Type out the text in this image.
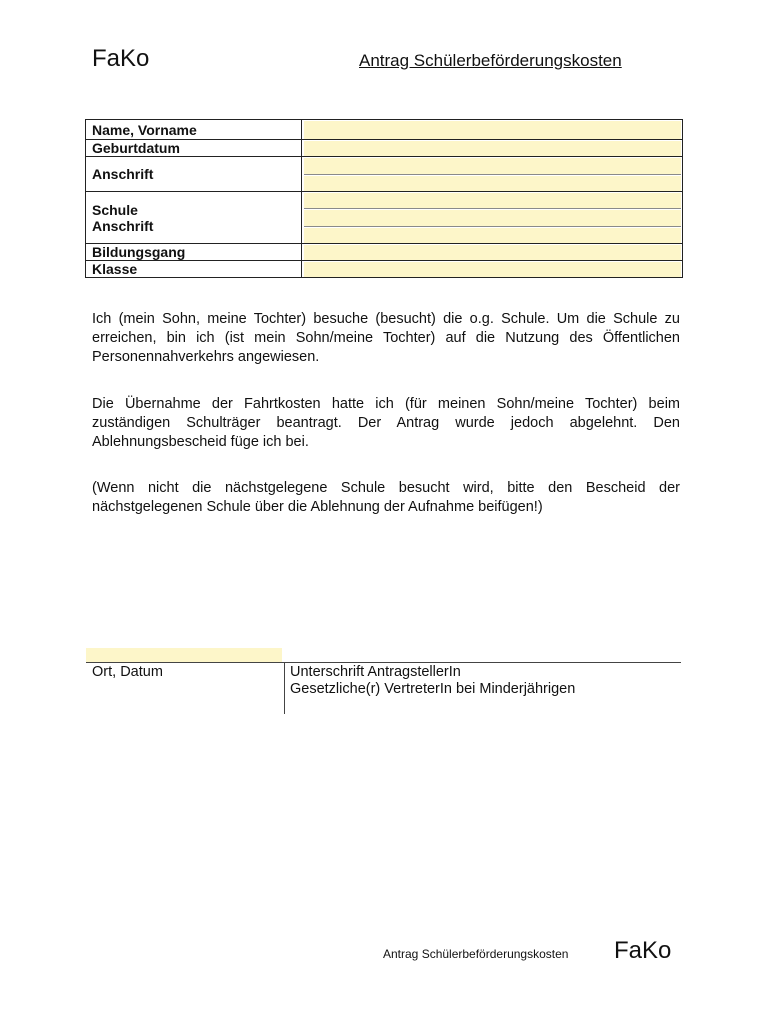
FaKo	Antrag Schülerbeförderungskosten
Name, Vorname
Geburtdatum
Anschrift
Schule
Anschrift
Bildungsgang
Klasse
Ich (mein Sohn, meine Tochter) besuche (besucht) die o.g. Schule. Um die Schule zu erreichen, bin ich (ist mein Sohn/meine Tochter) auf die Nutzung des Öffentlichen Personennahverkehrs angewiesen.
Die Übernahme der Fahrtkosten hatte ich (für meinen Sohn/meine Tochter) beim zuständigen Schulträger beantragt. Der Antrag wurde jedoch abgelehnt. Den Ablehnungsbescheid füge ich bei.
(Wenn nicht die nächstgelegene Schule besucht wird, bitte den Bescheid der nächstgelegenen Schule über die Ablehnung der Aufnahme beifügen!)
Ort, Datum	Unterschrift AntragstellerIn
Gesetzliche(r) VertreterIn bei Minderjährigen
Antrag Schülerbeförderungskosten FaKo
